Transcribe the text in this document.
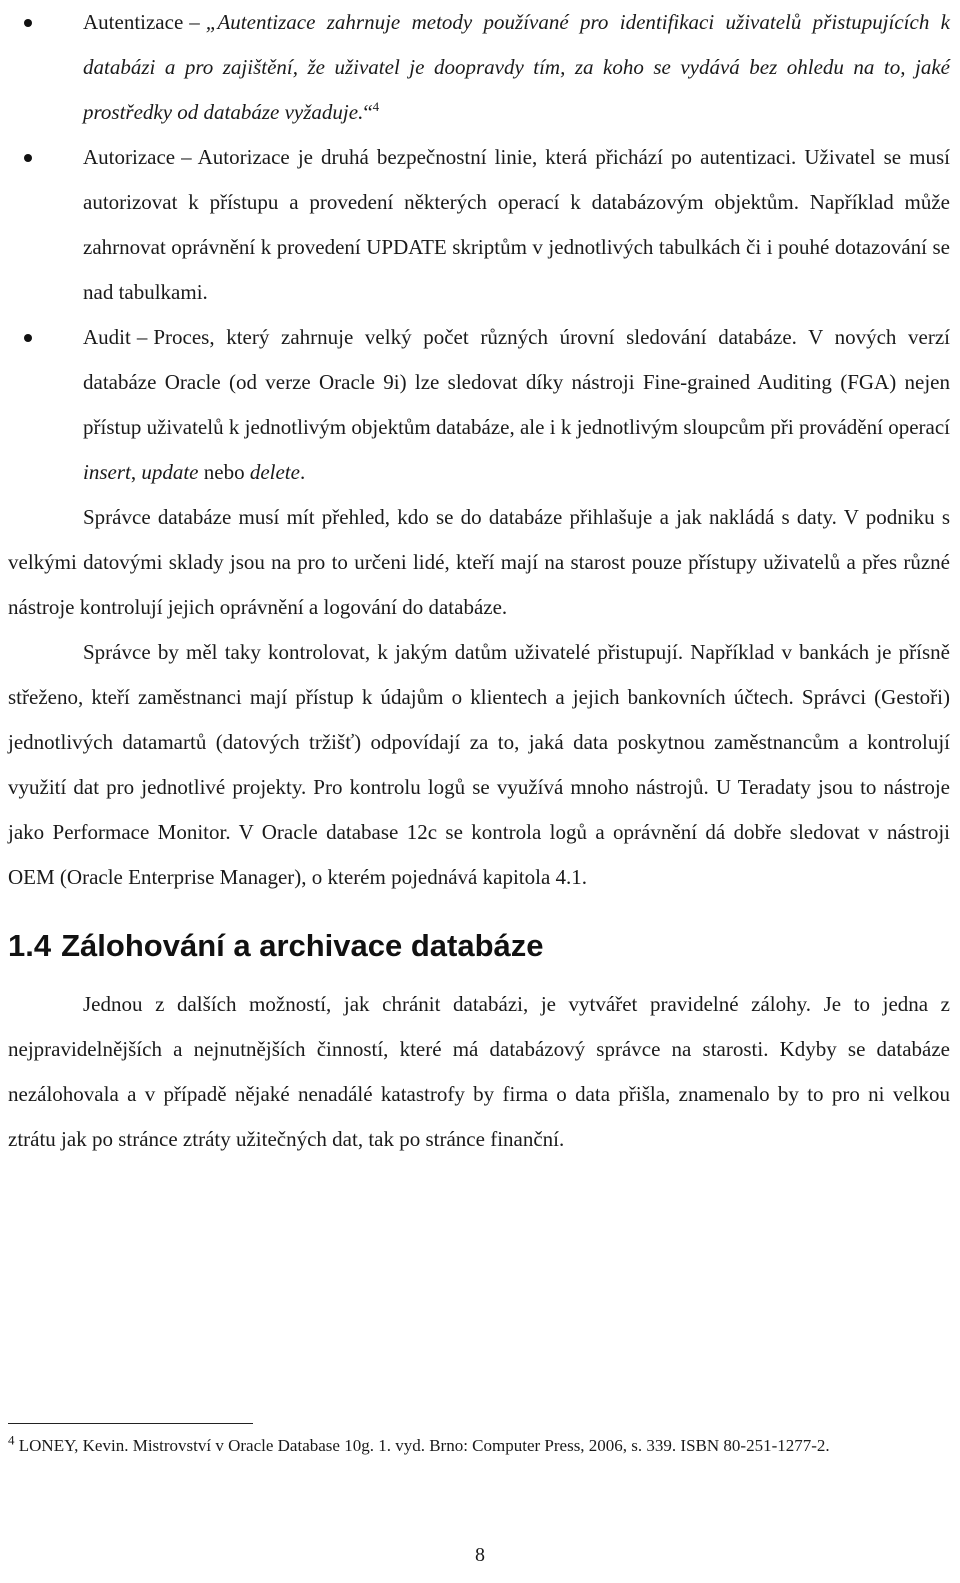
Autentizace – „Autentizace zahrnuje metody používané pro identifikaci uživatelů přistupujících k databázi a pro zajištění, že uživatel je doopravdy tím, za koho se vydává bez ohledu na to, jaké prostředky od databáze vyžaduje.“$^4$
Autorizace – Autorizace je druhá bezpečnostní linie, která přichází po autentizaci. Uživatel se musí autorizovat k přístupu a provedení některých operací k databázovým objektům. Například může zahrnovat oprávnění k provedení UPDATE skriptům v jednotlivých tabulkách či i pouhé dotazování se nad tabulkami.
Audit – Proces, který zahrnuje velký počet různých úrovní sledování databáze. V nových verzí databáze Oracle (od verze Oracle 9i) lze sledovat díky nástroji Fine-grained Auditing (FGA) nejen přístup uživatelů k jednotlivým objektům databáze, ale i k jednotlivým sloupcům při provádění operací insert, update nebo delete.

Správce databáze musí mít přehled, kdo se do databáze přihlašuje a jak nakládá s daty. V podniku s velkými datovými sklady jsou na pro to určeni lidé, kteří mají na starost pouze přístupy uživatelů a přes různé nástroje kontrolují jejich oprávnění a logování do databáze.

Správce by měl taky kontrolovat, k jakým datům uživatelé přistupují. Například v bankách je přísně střeženo, kteří zaměstnanci mají přístup k údajům o klientech a jejich bankovních účtech. Správci (Gestoři) jednotlivých datamartů (datových tržišť) odpovídají za to, jaká data poskytnou zaměstnancům a kontrolují využití dat pro jednotlivé projekty. Pro kontrolu logů se využívá mnoho nástrojů. U Teradaty jsou to nástroje jako Performace Monitor. V Oracle database 12c se kontrola logů a oprávnění dá dobře sledovat v nástroji OEM (Oracle Enterprise Manager), o kterém pojednává kapitola 4.1.

1.4 Zálohování a archivace databáze

Jednou z dalších možností, jak chránit databázi, je vytvářet pravidelné zálohy. Je to jedna z nejpravidelnějších a nejnutnějších činností, které má databázový správce na starosti. Kdyby se databáze nezálohovala a v případě nějaké nenadálé katastrofy by firma o data přišla, znamenalo by to pro ni velkou ztrátu jak po stránce ztráty užitečných dat, tak po stránce finanční.

$^4$ LONEY, Kevin. Mistrovství v Oracle Database 10g. 1. vyd. Brno: Computer Press, 2006, s. 339. ISBN 80-251-1277-2.
8
